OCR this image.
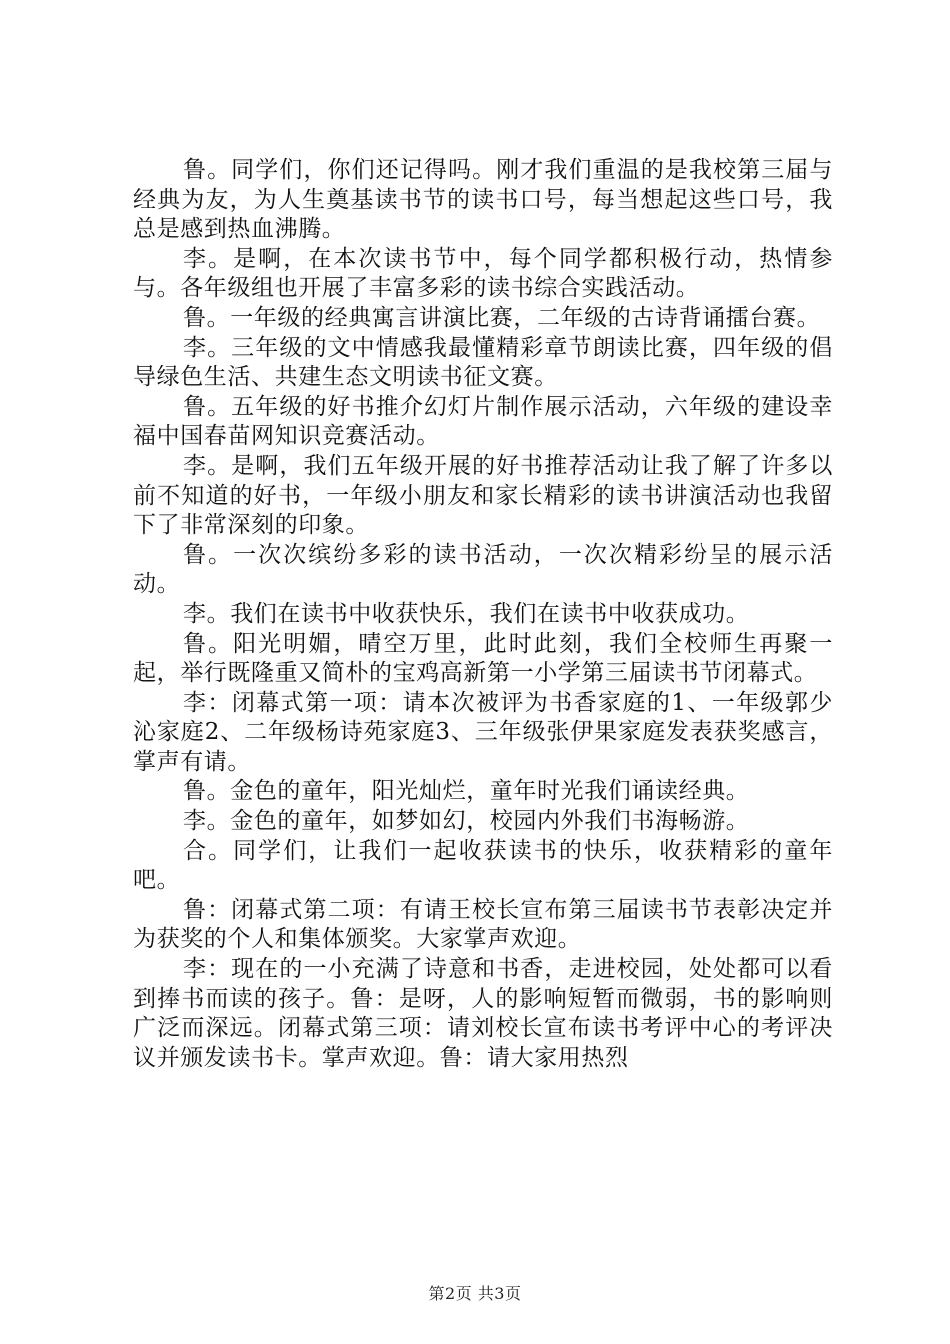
鲁。同学们，你们还记得吗。刚才我们重温的是我校第三届与经典为友，为人生奠基读书节的读书口号，每当想起这些口号，我总是感到热血沸腾。

李。是啊，在本次读书节中，每个同学都积极行动，热情参与。各年级组也开展了丰富多彩的读书综合实践活动。

鲁。一年级的经典寓言讲演比赛，二年级的古诗背诵擂台赛。

李。三年级的文中情感我最懂精彩章节朗读比赛，四年级的倡导绿色生活、共建生态文明读书征文赛。

鲁。五年级的好书推介幻灯片制作展示活动，六年级的建设幸福中国春苗网知识竞赛活动。

李。是啊，我们五年级开展的好书推荐活动让我了解了许多以前不知道的好书，一年级小朋友和家长精彩的读书讲演活动也我留下了非常深刻的印象。

鲁。一次次缤纷多彩的读书活动，一次次精彩纷呈的展示活动。

李。我们在读书中收获快乐，我们在读书中收获成功。

鲁。阳光明媚，晴空万里，此时此刻，我们全校师生再聚一起，举行既隆重又简朴的宝鸡高新第一小学第三届读书节闭幕式。

李：闭幕式第一项：请本次被评为书香家庭的1、一年级郭少沁家庭2、二年级杨诗苑家庭3、三年级张伊果家庭发表获奖感言，掌声有请。

鲁。金色的童年，阳光灿烂，童年时光我们诵读经典。

李。金色的童年，如梦如幻，校园内外我们书海畅游。

合。同学们，让我们一起收获读书的快乐，收获精彩的童年吧。

鲁：闭幕式第二项：有请王校长宣布第三届读书节表彰决定并为获奖的个人和集体颁奖。大家掌声欢迎。

李：现在的一小充满了诗意和书香，走进校园，处处都可以看到捧书而读的孩子。鲁：是呀，人的影响短暂而微弱，书的影响则广泛而深远。闭幕式第三项：请刘校长宣布读书考评中心的考评决议并颁发读书卡。掌声欢迎。鲁：请大家用热烈

第2页 共3页
